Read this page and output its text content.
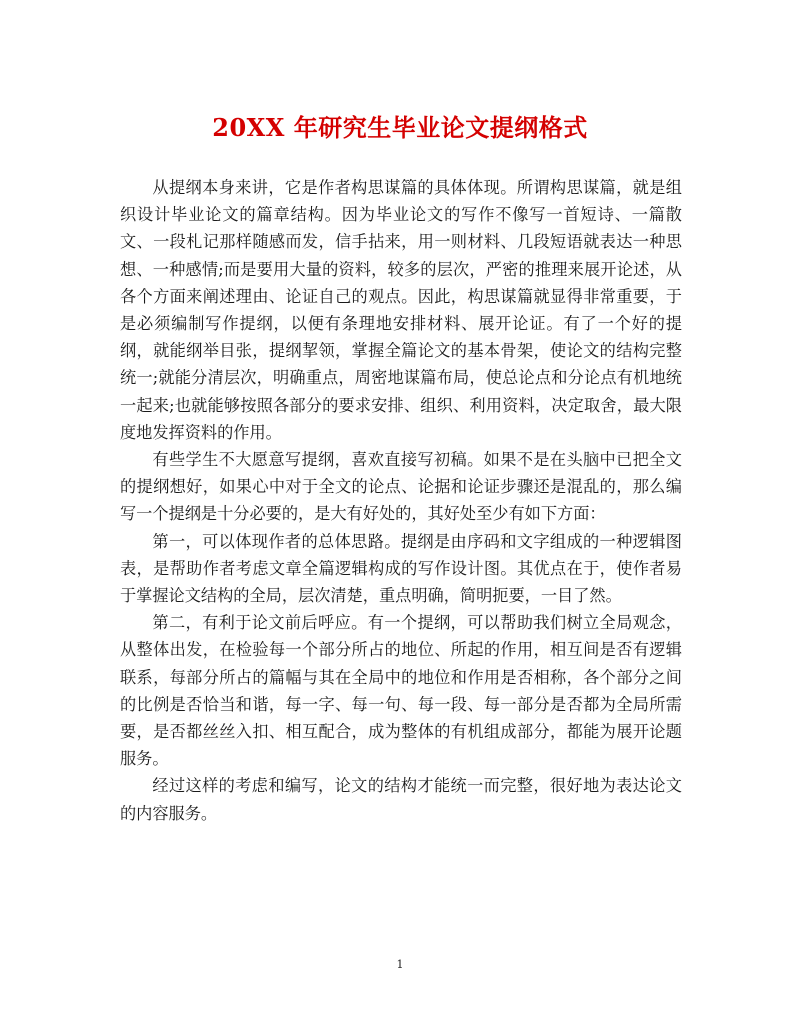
20XX 年研究生毕业论文提纲格式

从提纲本身来讲，它是作者构思谋篇的具体体现。所谓构思谋篇，就是组织设计毕业论文的篇章结构。因为毕业论文的写作不像写一首短诗、一篇散文、一段札记那样随感而发，信手拈来，用一则材料、几段短语就表达一种思想、一种感情;而是要用大量的资料，较多的层次，严密的推理来展开论述，从各个方面来阐述理由、论证自己的观点。因此，构思谋篇就显得非常重要，于是必须编制写作提纲，以便有条理地安排材料、展开论证。有了一个好的提纲，就能纲举目张，提纲挈领，掌握全篇论文的基本骨架，使论文的结构完整统一;就能分清层次，明确重点，周密地谋篇布局，使总论点和分论点有机地统一起来;也就能够按照各部分的要求安排、组织、利用资料，决定取舍，最大限度地发挥资料的作用。

有些学生不大愿意写提纲，喜欢直接写初稿。如果不是在头脑中已把全文的提纲想好，如果心中对于全文的论点、论据和论证步骤还是混乱的，那么编写一个提纲是十分必要的，是大有好处的，其好处至少有如下方面：

第一，可以体现作者的总体思路。提纲是由序码和文字组成的一种逻辑图表，是帮助作者考虑文章全篇逻辑构成的写作设计图。其优点在于，使作者易于掌握论文结构的全局，层次清楚，重点明确，简明扼要，一目了然。

第二，有利于论文前后呼应。有一个提纲，可以帮助我们树立全局观念，从整体出发，在检验每一个部分所占的地位、所起的作用，相互间是否有逻辑联系，每部分所占的篇幅与其在全局中的地位和作用是否相称，各个部分之间的比例是否恰当和谐，每一字、每一句、每一段、每一部分是否都为全局所需要，是否都丝丝入扣、相互配合，成为整体的有机组成部分，都能为展开论题服务。

经过这样的考虑和编写，论文的结构才能统一而完整，很好地为表达论文的内容服务。

1
